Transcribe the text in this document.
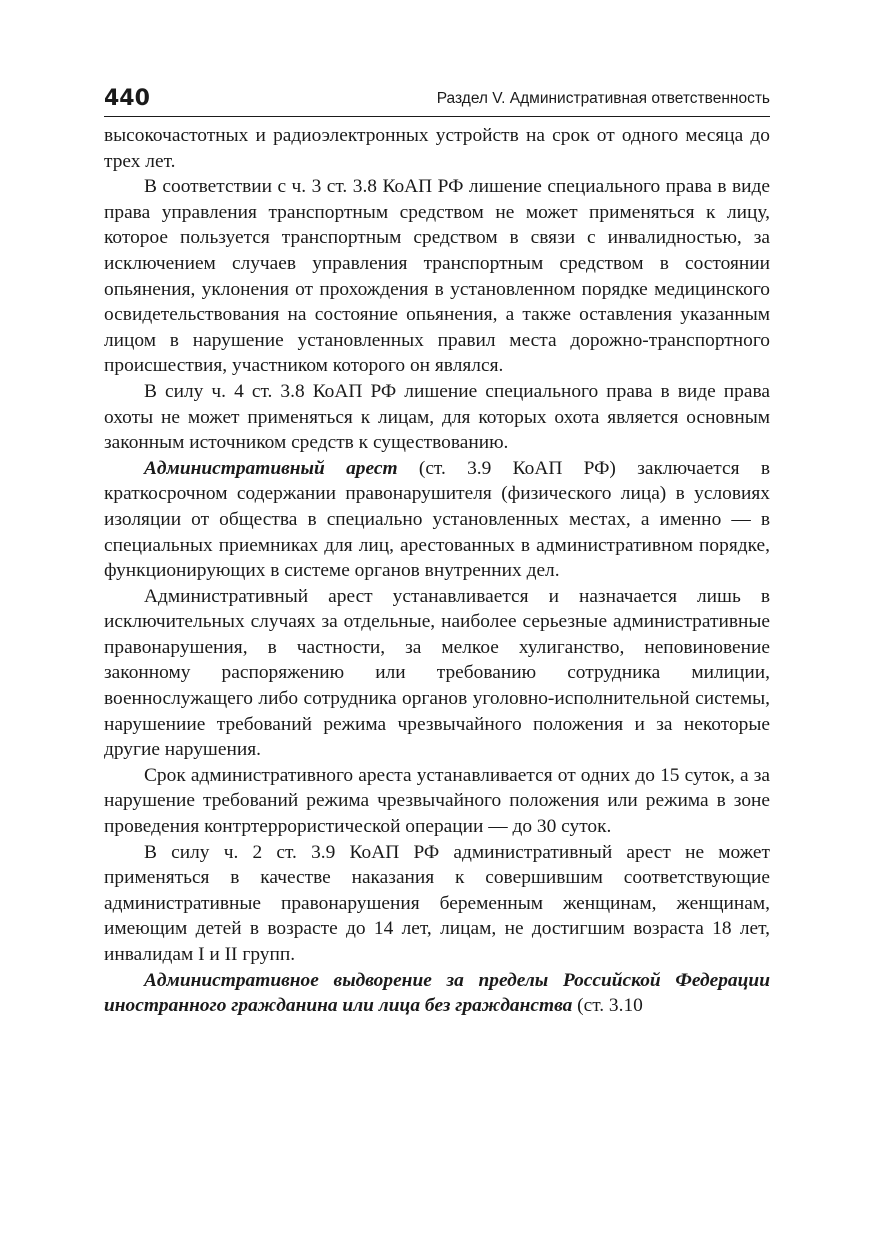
440	Раздел V. Административная ответственность

высокочастотных и радиоэлектронных устройств на срок от одного месяца до трех лет.

В соответствии с ч. 3 ст. 3.8 КоАП РФ лишение специального права в виде права управления транспортным средством не может применяться к лицу, которое пользуется транспортным средством в связи с инвалидностью, за исключением случаев управления транспортным средством в состоянии опьянения, уклонения от прохождения в установленном порядке медицинского освидетельствования на состояние опьянения, а также оставления указанным лицом в нарушение установленных правил места дорожно-транспортного происшествия, участником которого он являлся.

В силу ч. 4 ст. 3.8 КоАП РФ лишение специального права в виде права охоты не может применяться к лицам, для которых охота является основным законным источником средств к существованию.

Административный арест (ст. 3.9 КоАП РФ) заключается в краткосрочном содержании правонарушителя (физического лица) в условиях изоляции от общества в специально установленных местах, а именно — в специальных приемниках для лиц, арестованных в административном порядке, функционирующих в системе органов внутренних дел.

Административный арест устанавливается и назначается лишь в исключительных случаях за отдельные, наиболее серьезные административные правонарушения, в частности, за мелкое хулиганство, неповиновение законному распоряжению или требованию сотрудника милиции, военнослужащего либо сотрудника органов уголовно-исполнительной системы, нарушениие требований режима чрезвычайного положения и за некоторые другие нарушения.

Срок административного ареста устанавливается от одних до 15 суток, а за нарушение требований режима чрезвычайного положения или режима в зоне проведения контртеррористической операции — до 30 суток.

В силу ч. 2 ст. 3.9 КоАП РФ административный арест не может применяться в качестве наказания к совершившим соответствующие административные правонарушения беременным женщинам, женщинам, имеющим детей в возрасте до 14 лет, лицам, не достигшим возраста 18 лет, инвалидам I и II групп.

Административное выдворение за пределы Российской Федерации иностранного гражданина или лица без гражданства (ст. 3.10
